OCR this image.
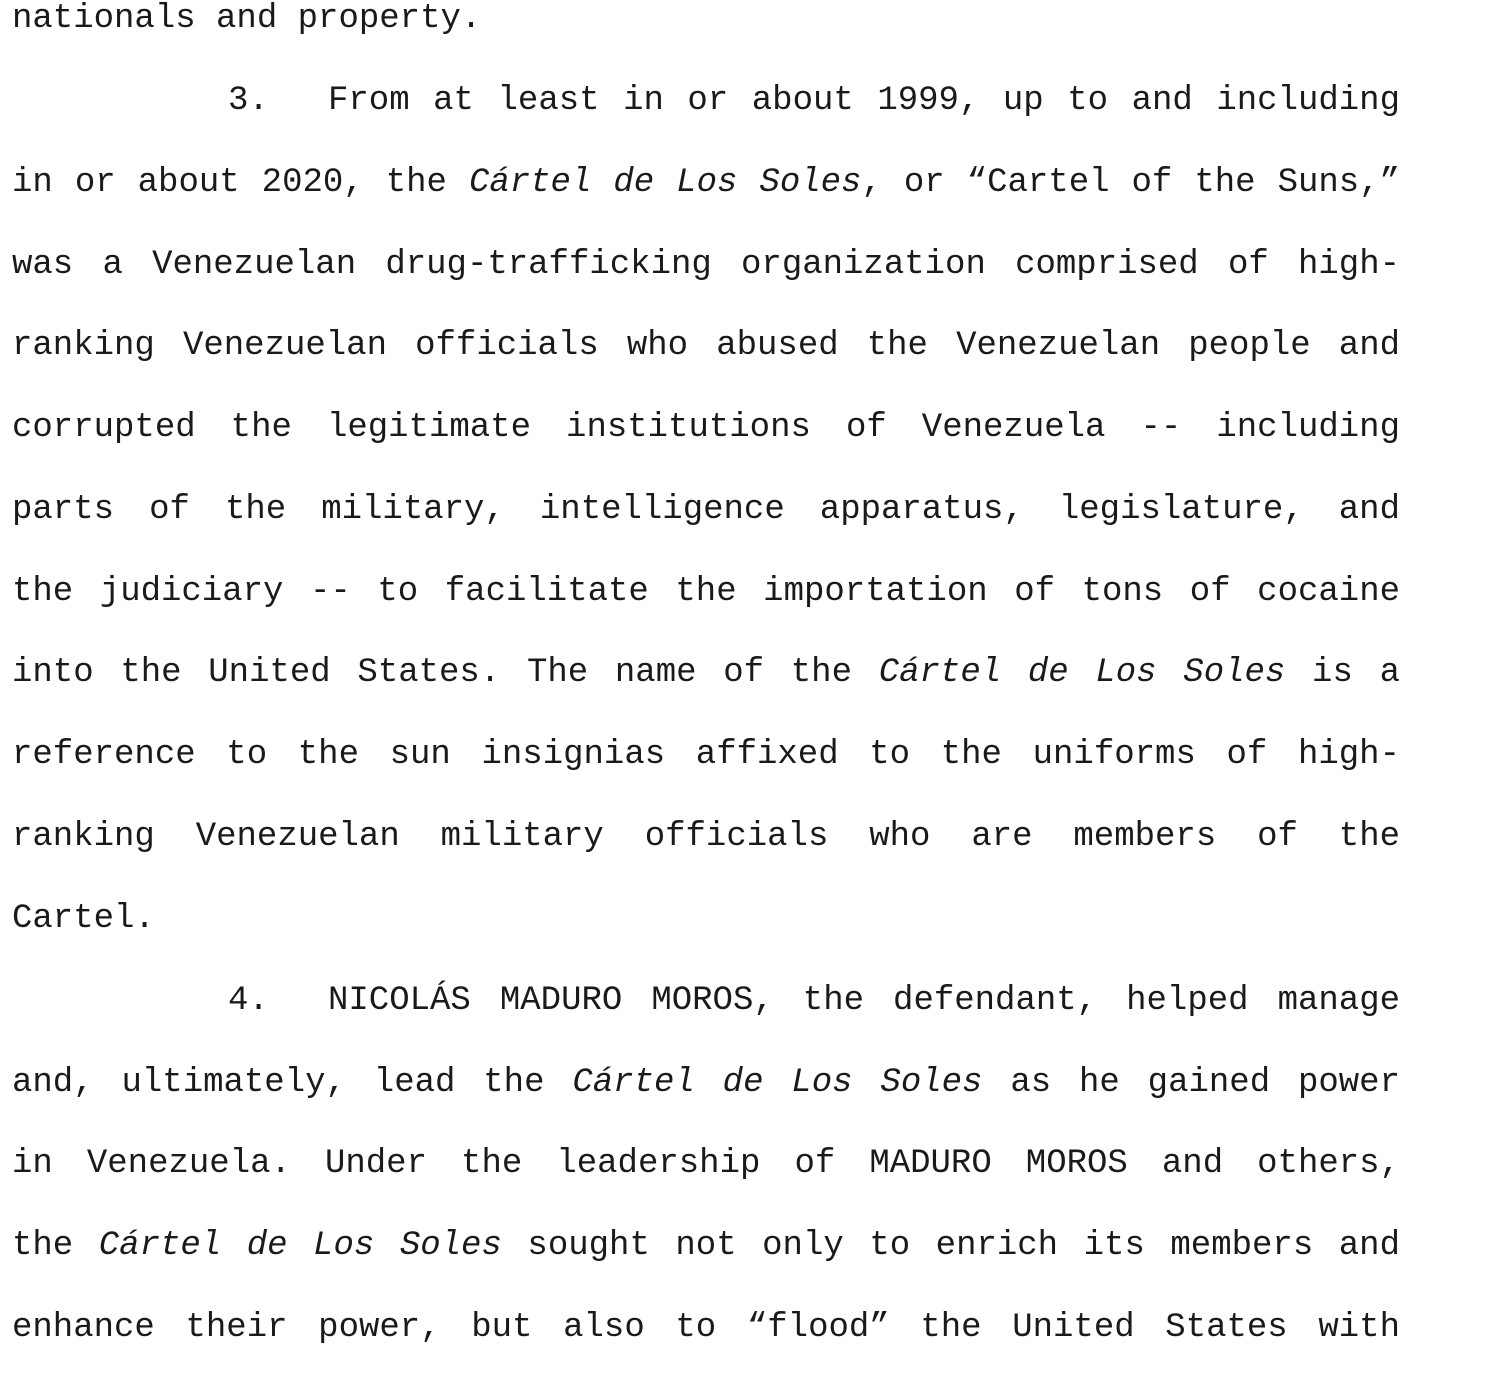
nationals and property.
3. From at least in or about 1999, up to and including
in or about 2020, the Cártel de Los Soles, or “Cartel of the Suns,”
was a Venezuelan drug-trafficking organization comprised of high-
ranking Venezuelan officials who abused the Venezuelan people and
corrupted the legitimate institutions of Venezuela -- including
parts of the military, intelligence apparatus, legislature, and
the judiciary -- to facilitate the importation of tons of cocaine
into the United States. The name of the Cártel de Los Soles is a
reference to the sun insignias affixed to the uniforms of high-
ranking Venezuelan military officials who are members of the
Cartel.
4. NICOLÁS MADURO MOROS, the defendant, helped manage
and, ultimately, lead the Cártel de Los Soles as he gained power
in Venezuela. Under the leadership of MADURO MOROS and others,
the Cártel de Los Soles sought not only to enrich its members and
enhance their power, but also to “flood” the United States with
